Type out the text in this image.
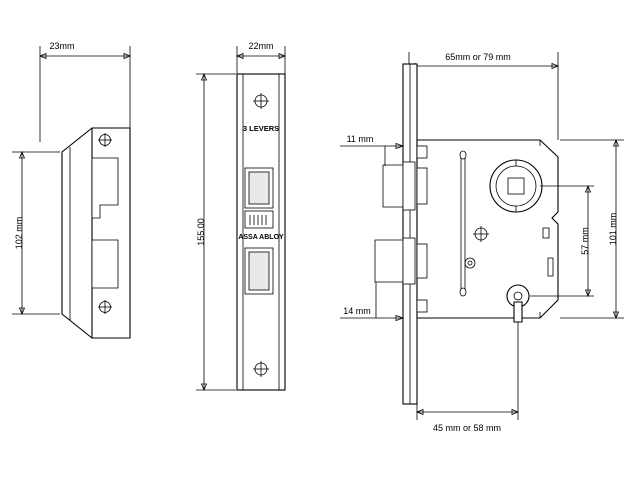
3 LEVERS
ASSA ABLOY
23mm
102 mm
22mm
155.00
65mm or 79 mm
11 mm
14 mm
101 mm
57 mm
45 mm or 58 mm
